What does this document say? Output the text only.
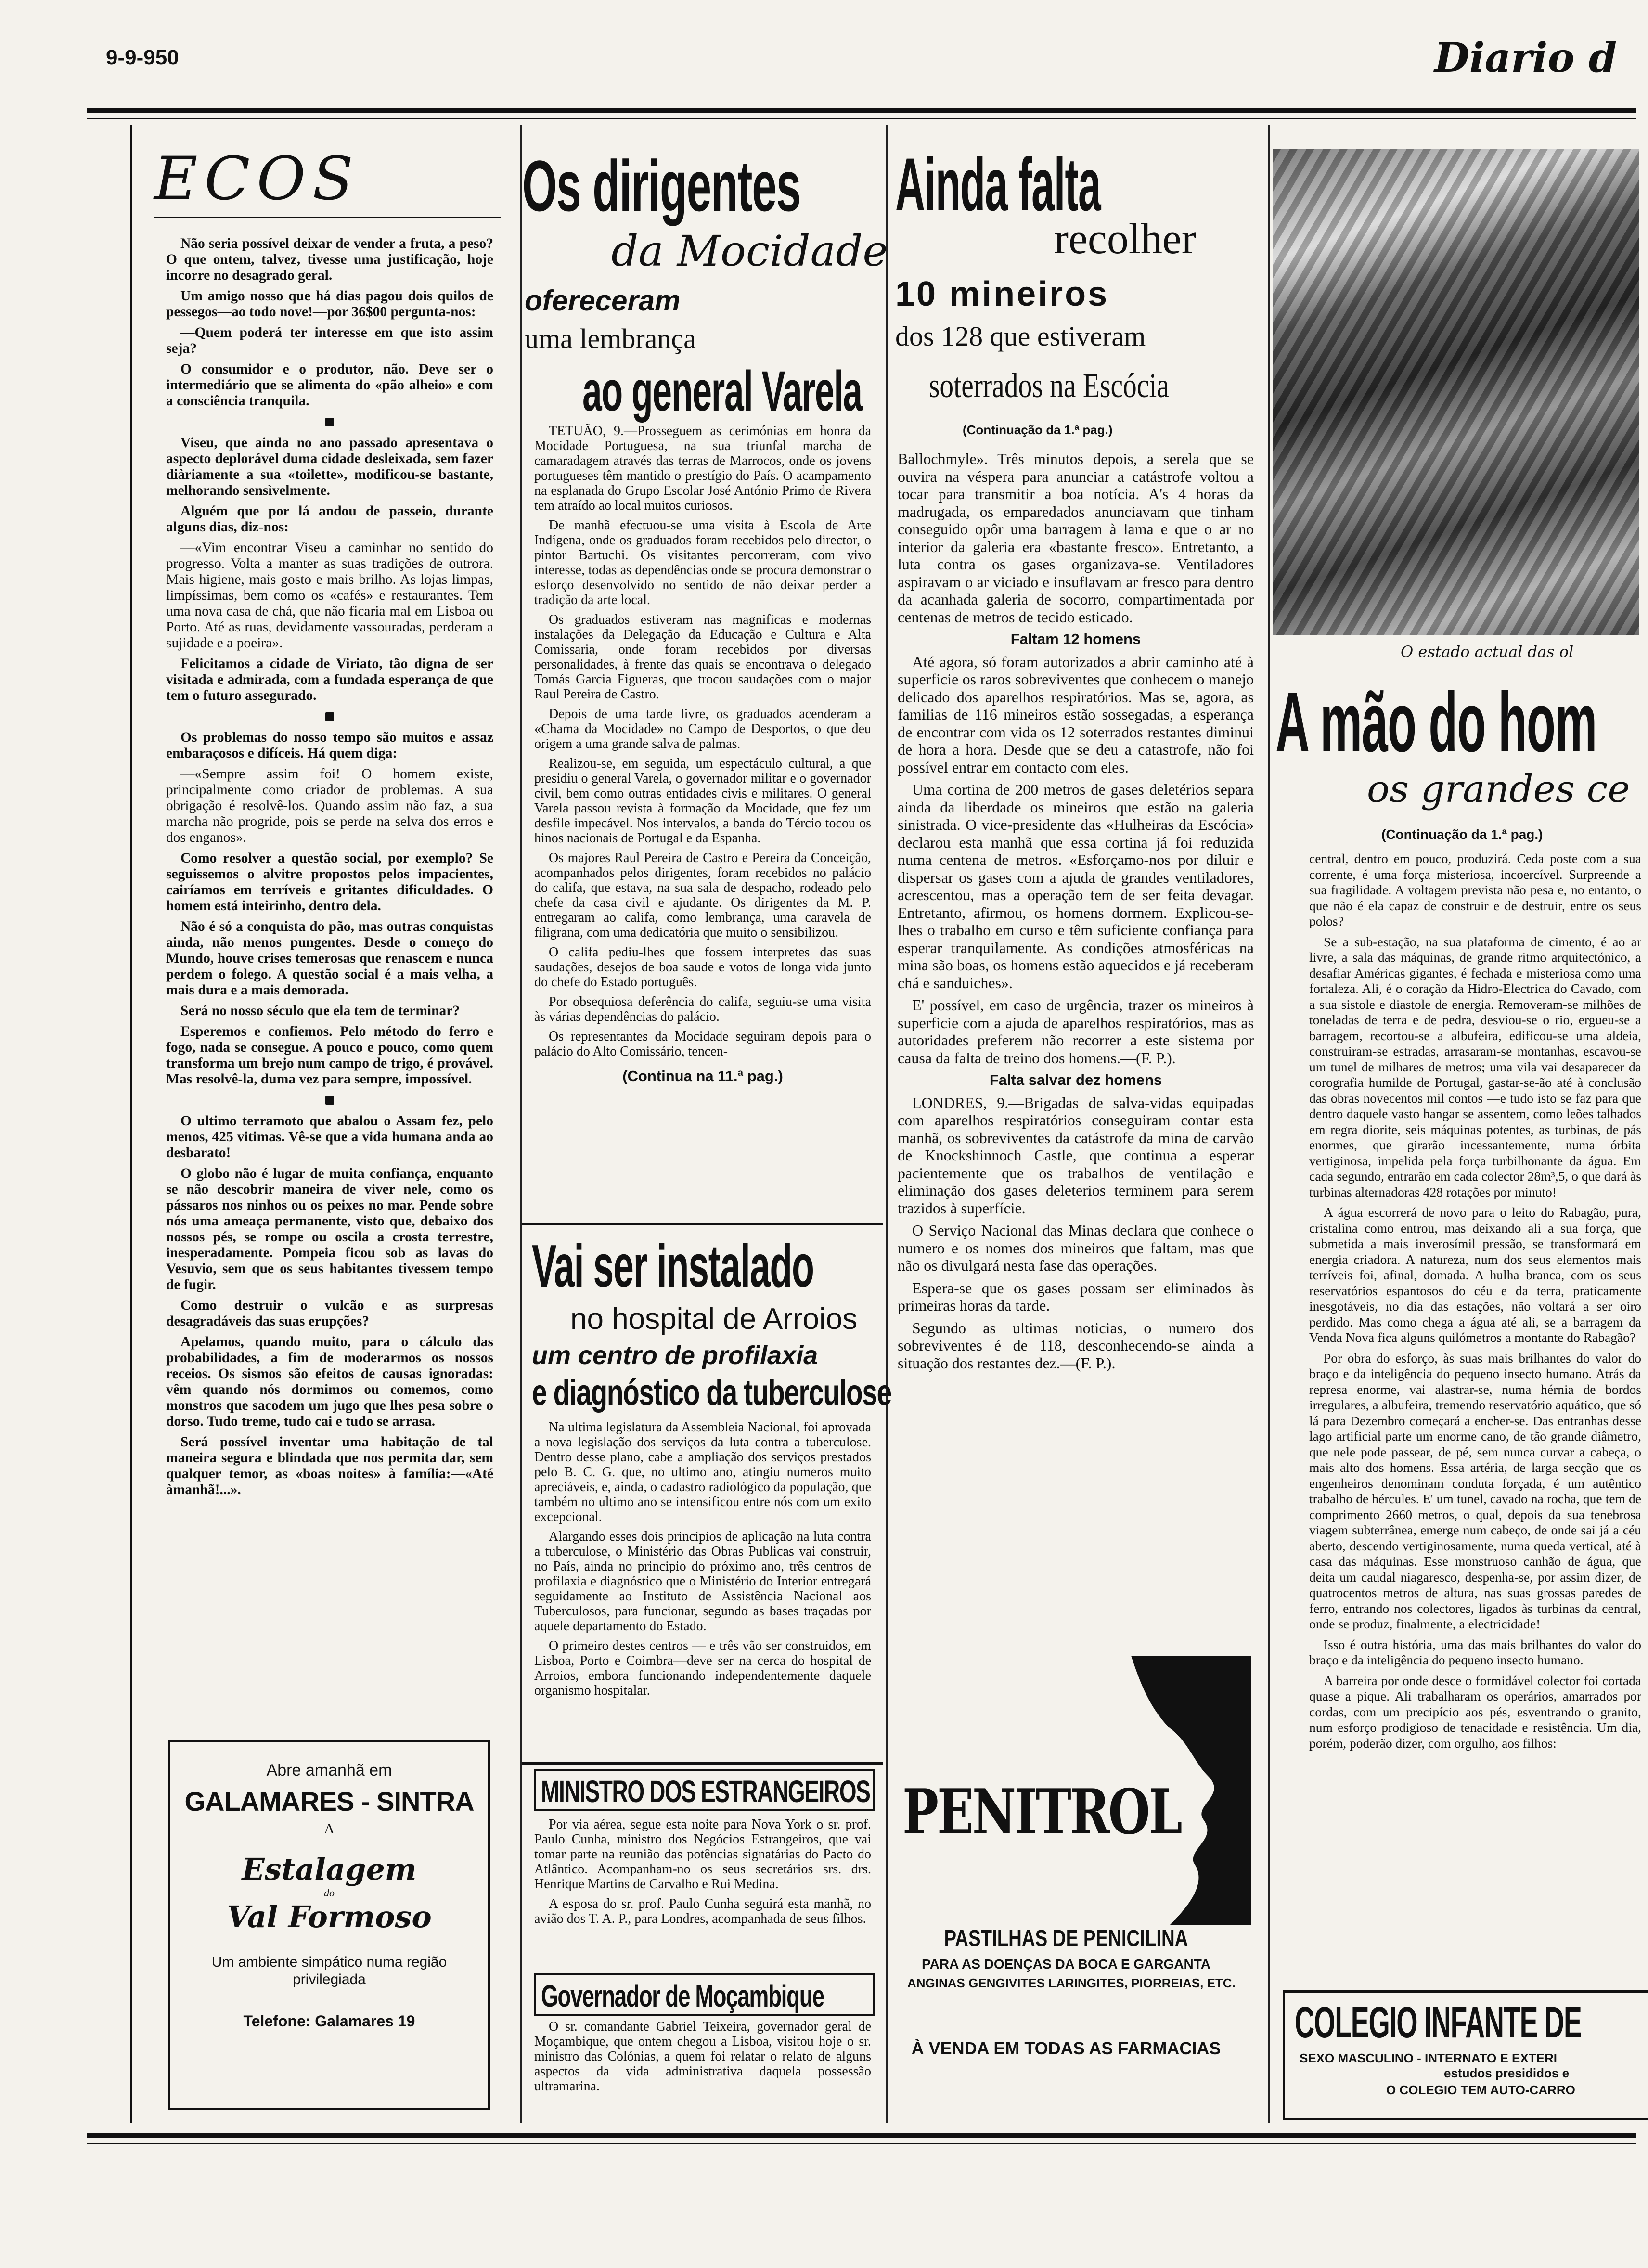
9-9-950	Diario d
ECOS

Não seria possível deixar de vender a fruta, a peso? O que ontem, talvez, tivesse uma justificação, hoje incorre no desagrado geral.

Um amigo nosso que há dias pagou dois quilos de pessegos—ao todo nove!—por 36$00 pergunta-nos:

—Quem poderá ter interesse em que isto assim seja?

O consumidor e o produtor, não. Deve ser o intermediário que se alimenta do «pão alheio» e com a consciência tranquila.

Viseu, que ainda no ano passado apresentava o aspecto deplorável duma cidade desleixada, sem fazer diàriamente a sua «toilette», modificou-se bastante, melhorando sensìvelmente.

Alguém que por lá andou de passeio, durante alguns dias, diz-nos:

—«Vim encontrar Viseu a caminhar no sentido do progresso. Volta a manter as suas tradições de outrora. Mais higiene, mais gosto e mais brilho. As lojas limpas, limpíssimas, bem como os «cafés» e restaurantes. Tem uma nova casa de chá, que não ficaria mal em Lisboa ou Porto. Até as ruas, devidamente vassouradas, perderam a sujidade e a poeira».

Felicitamos a cidade de Viriato, tão digna de ser visitada e admirada, com a fundada esperança de que tem o futuro assegurado.

Os problemas do nosso tempo são muitos e assaz embaraçosos e difíceis. Há quem diga:

—«Sempre assim foi! O homem existe, principalmente como criador de problemas. A sua obrigação é resolvê-los. Quando assim não faz, a sua marcha não progride, pois se perde na selva dos erros e dos enganos».

Como resolver a questão social, por exemplo? Se seguissemos o alvitre propostos pelos impacientes, cairíamos em terríveis e gritantes dificuldades. O homem está inteirinho, dentro dela.

Não é só a conquista do pão, mas outras conquistas ainda, não menos pungentes. Desde o começo do Mundo, houve crises temerosas que renascem e nunca perdem o folego. A questão social é a mais velha, a mais dura e a mais demorada.

Será no nosso século que ela tem de terminar?

Esperemos e confiemos. Pelo método do ferro e fogo, nada se consegue. A pouco e pouco, como quem transforma um brejo num campo de trigo, é provável. Mas resolvê-la, duma vez para sempre, impossível.

O ultimo terramoto que abalou o Assam fez, pelo menos, 425 vitimas. Vê-se que a vida humana anda ao desbarato!

O globo não é lugar de muita confiança, enquanto se não descobrir maneira de viver nele, como os pássaros nos ninhos ou os peixes no mar. Pende sobre nós uma ameaça permanente, visto que, debaixo dos nossos pés, se rompe ou oscila a crosta terrestre, inesperadamente. Pompeia ficou sob as lavas do Vesuvio, sem que os seus habitantes tivessem tempo de fugir.

Como destruir o vulcão e as surpresas desagradáveis das suas erupções?

Apelamos, quando muito, para o cálculo das probabilidades, a fim de moderarmos os nossos receios. Os sismos são efeitos de causas ignoradas: vêm quando nós dormimos ou comemos, como monstros que sacodem um jugo que lhes pesa sobre o dorso. Tudo treme, tudo cai e tudo se arrasa.

Será possível inventar uma habitação de tal maneira segura e blindada que nos permita dar, sem qualquer temor, as «boas noites» à família:—«Até àmanhã!...».

Abre amanhã em
GALAMARES - SINTRA
A
Estalagem
do
Val Formoso
Um ambiente simpático numa região privilegiada
Telefone: Galamares 19
Os dirigentes
da Mocidade
ofereceram
uma lembrança
ao general Varela

TETUÃO, 9.—Prosseguem as cerimónias em honra da Mocidade Portuguesa, na sua triunfal marcha de camaradagem através das terras de Marrocos, onde os jovens portugueses têm mantido o prestígio do País. O acampamento na esplanada do Grupo Escolar José António Primo de Rivera tem atraído ao local muitos curiosos.

De manhã efectuou-se uma visita à Escola de Arte Indígena, onde os graduados foram recebidos pelo director, o pintor Bartuchi. Os visitantes percorreram, com vivo interesse, todas as dependências onde se procura demonstrar o esforço desenvolvido no sentido de não deixar perder a tradição da arte local.

Os graduados estiveram nas magnificas e modernas instalações da Delegação da Educação e Cultura e Alta Comissaria, onde foram recebidos por diversas personalidades, à frente das quais se encontrava o delegado Tomás Garcia Figueras, que trocou saudações com o major Raul Pereira de Castro.

Depois de uma tarde livre, os graduados acenderam a «Chama da Mocidade» no Campo de Desportos, o que deu origem a uma grande salva de palmas.

Realizou-se, em seguida, um espectáculo cultural, a que presidiu o general Varela, o governador militar e o governador civil, bem como outras entidades civis e militares. O general Varela passou revista à formação da Mocidade, que fez um desfile impecável. Nos intervalos, a banda do Tércio tocou os hinos nacionais de Portugal e da Espanha.

Os majores Raul Pereira de Castro e Pereira da Conceição, acompanhados pelos dirigentes, foram recebidos no palácio do califa, que estava, na sua sala de despacho, rodeado pelo chefe da casa civil e ajudante. Os dirigentes da M. P. entregaram ao califa, como lembrança, uma caravela de filigrana, com uma dedicatória que muito o sensibilizou.

O califa pediu-lhes que fossem interpretes das suas saudações, desejos de boa saude e votos de longa vida junto do chefe do Estado português.

Por obsequiosa deferência do califa, seguiu-se uma visita às várias dependências do palácio.

Os representantes da Mocidade seguiram depois para o palácio do Alto Comissário, tencen-

(Continua na 11.ª pag.)
Vai ser instalado
no hospital de Arroios
um centro de profilaxia
e diagnóstico da tuberculose

Na ultima legislatura da Assembleia Nacional, foi aprovada a nova legislação dos serviços da luta contra a tuberculose. Dentro desse plano, cabe a ampliação dos serviços prestados pelo B. C. G. que, no ultimo ano, atingiu numeros muito apreciáveis, e, ainda, o cadastro radiológico da população, que também no ultimo ano se intensificou entre nós com um exito excepcional.

Alargando esses dois principios de aplicação na luta contra a tuberculose, o Ministério das Obras Publicas vai construir, no País, ainda no principio do próximo ano, três centros de profilaxia e diagnóstico que o Ministério do Interior entregará seguidamente ao Instituto de Assistência Nacional aos Tuberculosos, para funcionar, segundo as bases traçadas por aquele departamento do Estado.

O primeiro destes centros — e três vão ser construidos, em Lisboa, Porto e Coimbra—deve ser na cerca do hospital de Arroios, embora funcionando independentemente daquele organismo hospitalar.

MINISTRO DOS ESTRANGEIROS

Por via aérea, segue esta noite para Nova York o sr. prof. Paulo Cunha, ministro dos Negócios Estrangeiros, que vai tomar parte na reunião das potências signatárias do Pacto do Atlântico. Acompanham-no os seus secretários srs. drs. Henrique Martins de Carvalho e Rui Medina.

A esposa do sr. prof. Paulo Cunha seguirá esta manhã, no avião dos T. A. P., para Londres, acompanhada de seus filhos.

Governador de Moçambique

O sr. comandante Gabriel Teixeira, governador geral de Moçambique, que ontem chegou a Lisboa, visitou hoje o sr. ministro das Colónias, a quem foi relatar o relato de alguns aspectos da vida administrativa daquela possessão ultramarina.

Ainda falta
recolher
10 mineiros
dos 128 que estiveram
soterrados na Escócia
(Continuação da 1.ª pag.)

Ballochmyle». Três minutos depois, a serela que se ouvira na véspera para anunciar a catástrofe voltou a tocar para transmitir a boa notícia. A's 4 horas da madrugada, os emparedados anunciavam que tinham conseguido opôr uma barragem à lama e que o ar no interior da galeria era «bastante fresco». Entretanto, a luta contra os gases organizava-se. Ventiladores aspiravam o ar viciado e insuflavam ar fresco para dentro da acanhada galeria de socorro, compartimentada por centenas de metros de tecido esticado.

Faltam 12 homens

Até agora, só foram autorizados a abrir caminho até à superficie os raros sobreviventes que conhecem o manejo delicado dos aparelhos respiratórios. Mas se, agora, as familias de 116 mineiros estão sossegadas, a esperança de encontrar com vida os 12 soterrados restantes diminui de hora a hora. Desde que se deu a catastrofe, não foi possível entrar em contacto com eles.

Uma cortina de 200 metros de gases deletérios separa ainda da liberdade os mineiros que estão na galeria sinistrada. O vice-presidente das «Hulheiras da Escócia» declarou esta manhã que essa cortina já foi reduzida numa centena de metros. «Esforçamo-nos por diluir e dispersar os gases com a ajuda de grandes ventiladores, acrescentou, mas a operação tem de ser feita devagar. Entretanto, afirmou, os homens dormem. Explicou-se-lhes o trabalho em curso e têm suficiente confiança para esperar tranquilamente. As condições atmosféricas na mina são boas, os homens estão aquecidos e já receberam chá e sanduiches».

E' possível, em caso de urgência, trazer os mineiros à superficie com a ajuda de aparelhos respiratórios, mas as autoridades preferem não recorrer a este sistema por causa da falta de treino dos homens.—(F. P.).

Falta salvar dez homens

LONDRES, 9.—Brigadas de salva-vidas equipadas com aparelhos respiratórios conseguiram contar esta manhã, os sobreviventes da catástrofe da mina de carvão de Knockshinnoch Castle, que continua a esperar pacientemente que os trabalhos de ventilação e eliminação dos gases deleterios terminem para serem trazidos à superfície.

O Serviço Nacional das Minas declara que conhece o numero e os nomes dos mineiros que faltam, mas que não os divulgará nesta fase das operações.

Espera-se que os gases possam ser eliminados às primeiras horas da tarde.

Segundo as ultimas noticias, o numero dos sobreviventes é de 118, desconhecendo-se ainda a situação dos restantes dez.—(F. P.).

PENITROL
PASTILHAS DE PENICILINA
PARA AS DOENÇAS DA BOCA E GARGANTA
ANGINAS GENGIVITES LARINGITES, PIORREIAS, ETC.
À VENDA EM TODAS AS FARMACIAS
O estado actual das ol
A mão do hom
os grandes ce
(Continuação da 1.ª pag.)

central, dentro em pouco, produzirá. Ceda poste com a sua corrente, é uma força misteriosa, incoercível. Surpreende a sua fragilidade. A voltagem prevista não pesa e, no entanto, o que não é ela capaz de construir e de destruir, entre os seus polos?

Se a sub-estação, na sua plataforma de cimento, é ao ar livre, a sala das máquinas, de grande ritmo arquitectónico, a desafiar Américas gigantes, é fechada e misteriosa como uma fortaleza. Ali, é o coração da Hidro-Electrica do Cavado, com a sua sistole e diastole de energia. Removeram-se milhões de toneladas de terra e de pedra, desviou-se o rio, ergueu-se a barragem, recortou-se a albufeira, edificou-se uma aldeia, construiram-se estradas, arrasaram-se montanhas, escavou-se um tunel de milhares de metros; uma vila vai desaparecer da corografia humilde de Portugal, gastar-se-ão até à conclusão das obras novecentos mil contos —e tudo isto se faz para que dentro daquele vasto hangar se assentem, como leões talhados em regra diorite, seis máquinas potentes, as turbinas, de pás enormes, que girarão incessantemente, numa órbita vertiginosa, impelida pela força turbilhonante da água. Em cada segundo, entrarão em cada colector 28m³,5, o que dará às turbinas alternadoras 428 rotações por minuto!

A água escorrerá de novo para o leito do Rabagão, pura, cristalina como entrou, mas deixando ali a sua força, que submetida a mais inverosímil pressão, se transformará em energia criadora. A natureza, num dos seus elementos mais terríveis foi, afinal, domada. A hulha branca, com os seus reservatórios espantosos do céu e da terra, praticamente inesgotáveis, no dia das estações, não voltará a ser oiro perdido. Mas como chega a água até ali, se a barragem da Venda Nova fica alguns quilómetros a montante do Rabagão?

Por obra do esforço, às suas mais brilhantes do valor do braço e da inteligência do pequeno insecto humano. Atrás da represa enorme, vai alastrar-se, numa hérnia de bordos irregulares, a albufeira, tremendo reservatório aquático, que só lá para Dezembro começará a encher-se. Das entranhas desse lago artificial parte um enorme cano, de tão grande diâmetro, que nele pode passear, de pé, sem nunca curvar a cabeça, o mais alto dos homens. Essa artéria, de larga secção que os engenheiros denominam conduta forçada, é um autêntico trabalho de hércules. E' um tunel, cavado na rocha, que tem de comprimento 2660 metros, o qual, depois da sua tenebrosa viagem subterrânea, emerge num cabeço, de onde sai já a céu aberto, descendo vertiginosamente, numa queda vertical, até à casa das máquinas. Esse monstruoso canhão de água, que deita um caudal niagaresco, despenha-se, por assim dizer, de quatrocentos metros de altura, nas suas grossas paredes de ferro, entrando nos colectores, ligados às turbinas da central, onde se produz, finalmente, a electricidade!

Isso é outra história, uma das mais brilhantes do valor do braço e da inteligência do pequeno insecto humano.

A barreira por onde desce o formidável colector foi cortada quase a pique. Ali trabalharam os operários, amarrados por cordas, com um precipício aos pés, esventrando o granito, num esforço prodigioso de tenacidade e resistência. Um dia, porém, poderão dizer, com orgulho, aos filhos:

COLEGIO INFANTE DE
SEXO MASCULINO - INTERNATO E EXTERI
estudos presididos e
O COLEGIO TEM AUTO-CARRO
